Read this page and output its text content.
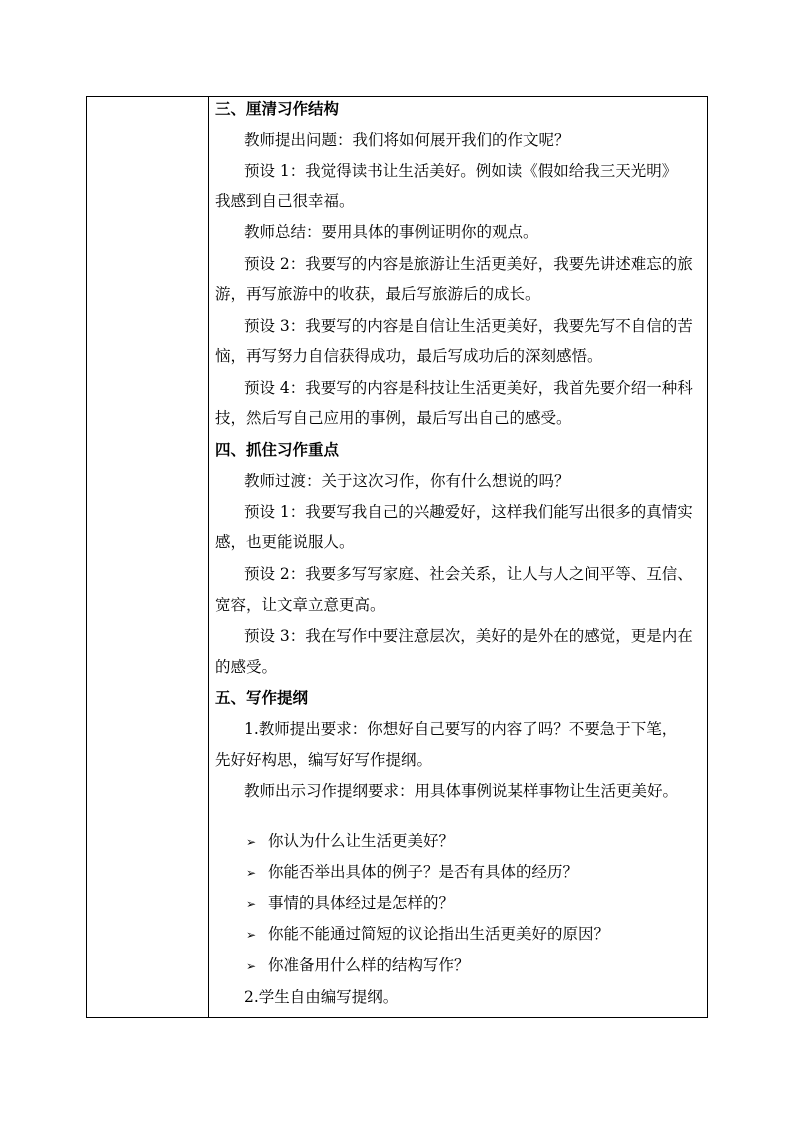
三、厘清习作结构
教师提出问题：我们将如何展开我们的作文呢？
预设 1：我觉得读书让生活美好。例如读《假如给我三天光明》
我感到自己很幸福。
教师总结：要用具体的事例证明你的观点。
预设 2：我要写的内容是旅游让生活更美好，我要先讲述难忘的旅
游，再写旅游中的收获，最后写旅游后的成长。
预设 3：我要写的内容是自信让生活更美好，我要先写不自信的苦
恼，再写努力自信获得成功，最后写成功后的深刻感悟。
预设 4：我要写的内容是科技让生活更美好，我首先要介绍一种科
技，然后写自己应用的事例，最后写出自己的感受。
四、抓住习作重点
教师过渡：关于这次习作，你有什么想说的吗？
预设 1：我要写我自己的兴趣爱好，这样我们能写出很多的真情实
感，也更能说服人。
预设 2：我要多写写家庭、社会关系，让人与人之间平等、互信、
宽容，让文章立意更高。
预设 3：我在写作中要注意层次，美好的是外在的感觉，更是内在
的感受。
五、写作提纲
1.教师提出要求：你想好自己要写的内容了吗？不要急于下笔，
先好好构思，编写好写作提纲。
教师出示习作提纲要求：用具体事例说某样事物让生活更美好。
➢ 你认为什么让生活更美好？
➢ 你能否举出具体的例子？是否有具体的经历？
➢ 事情的具体经过是怎样的？
➢ 你能不能通过简短的议论指出生活更美好的原因？
➢ 你准备用什么样的结构写作？
2.学生自由编写提纲。
